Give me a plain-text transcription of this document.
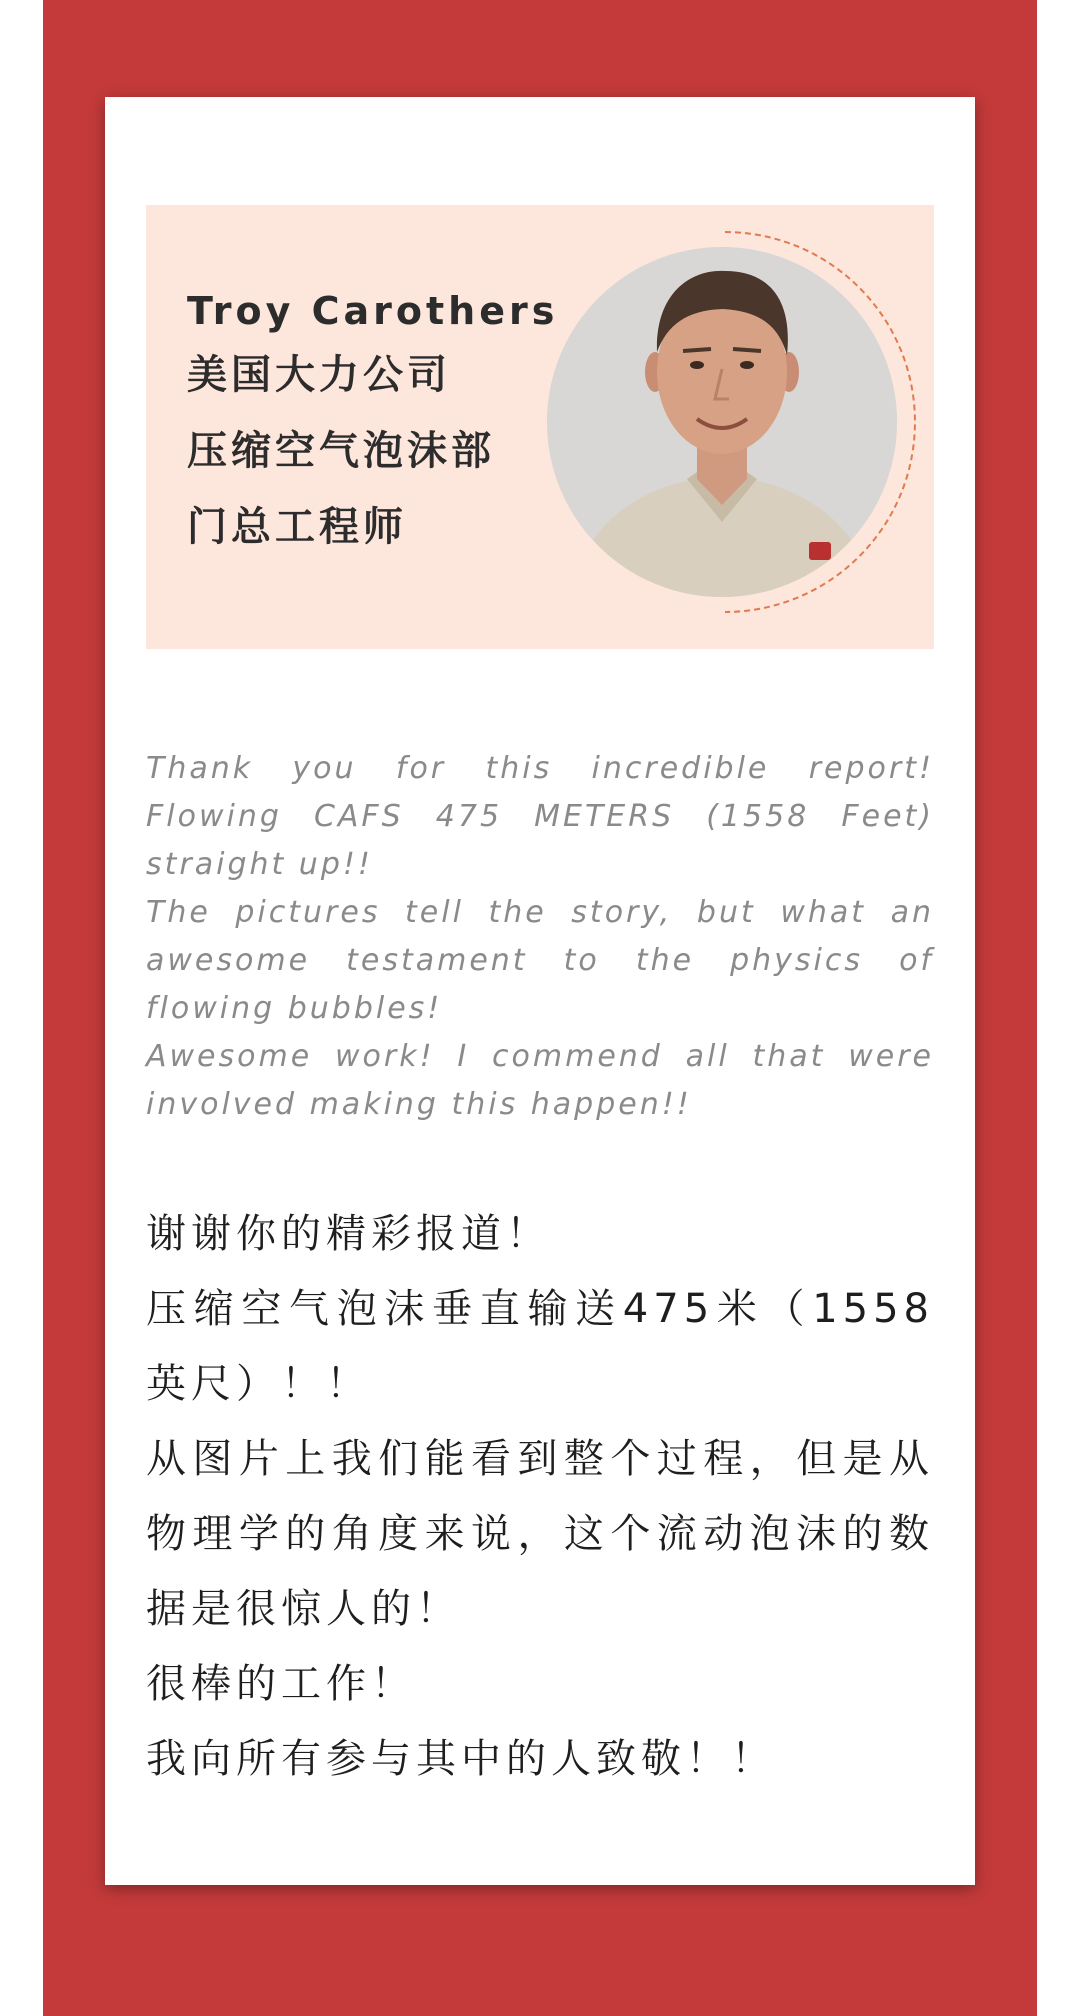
Troy Carothers
美国大力公司
压缩空气泡沫部
门总工程师

Thank you for this incredible report! Flowing CAFS 475 METERS (1558 Feet) straight up!!

The pictures tell the story, but what an awesome testament to the physics of flowing bubbles!

Awesome work! I commend all that were involved making this happen!!

谢谢你的精彩报道！

压缩空气泡沫垂直输送475米（1558英尺）！！

从图片上我们能看到整个过程，但是从物理学的角度来说，这个流动泡沫的数据是很惊人的！

很棒的工作！

我向所有参与其中的人致敬！！
